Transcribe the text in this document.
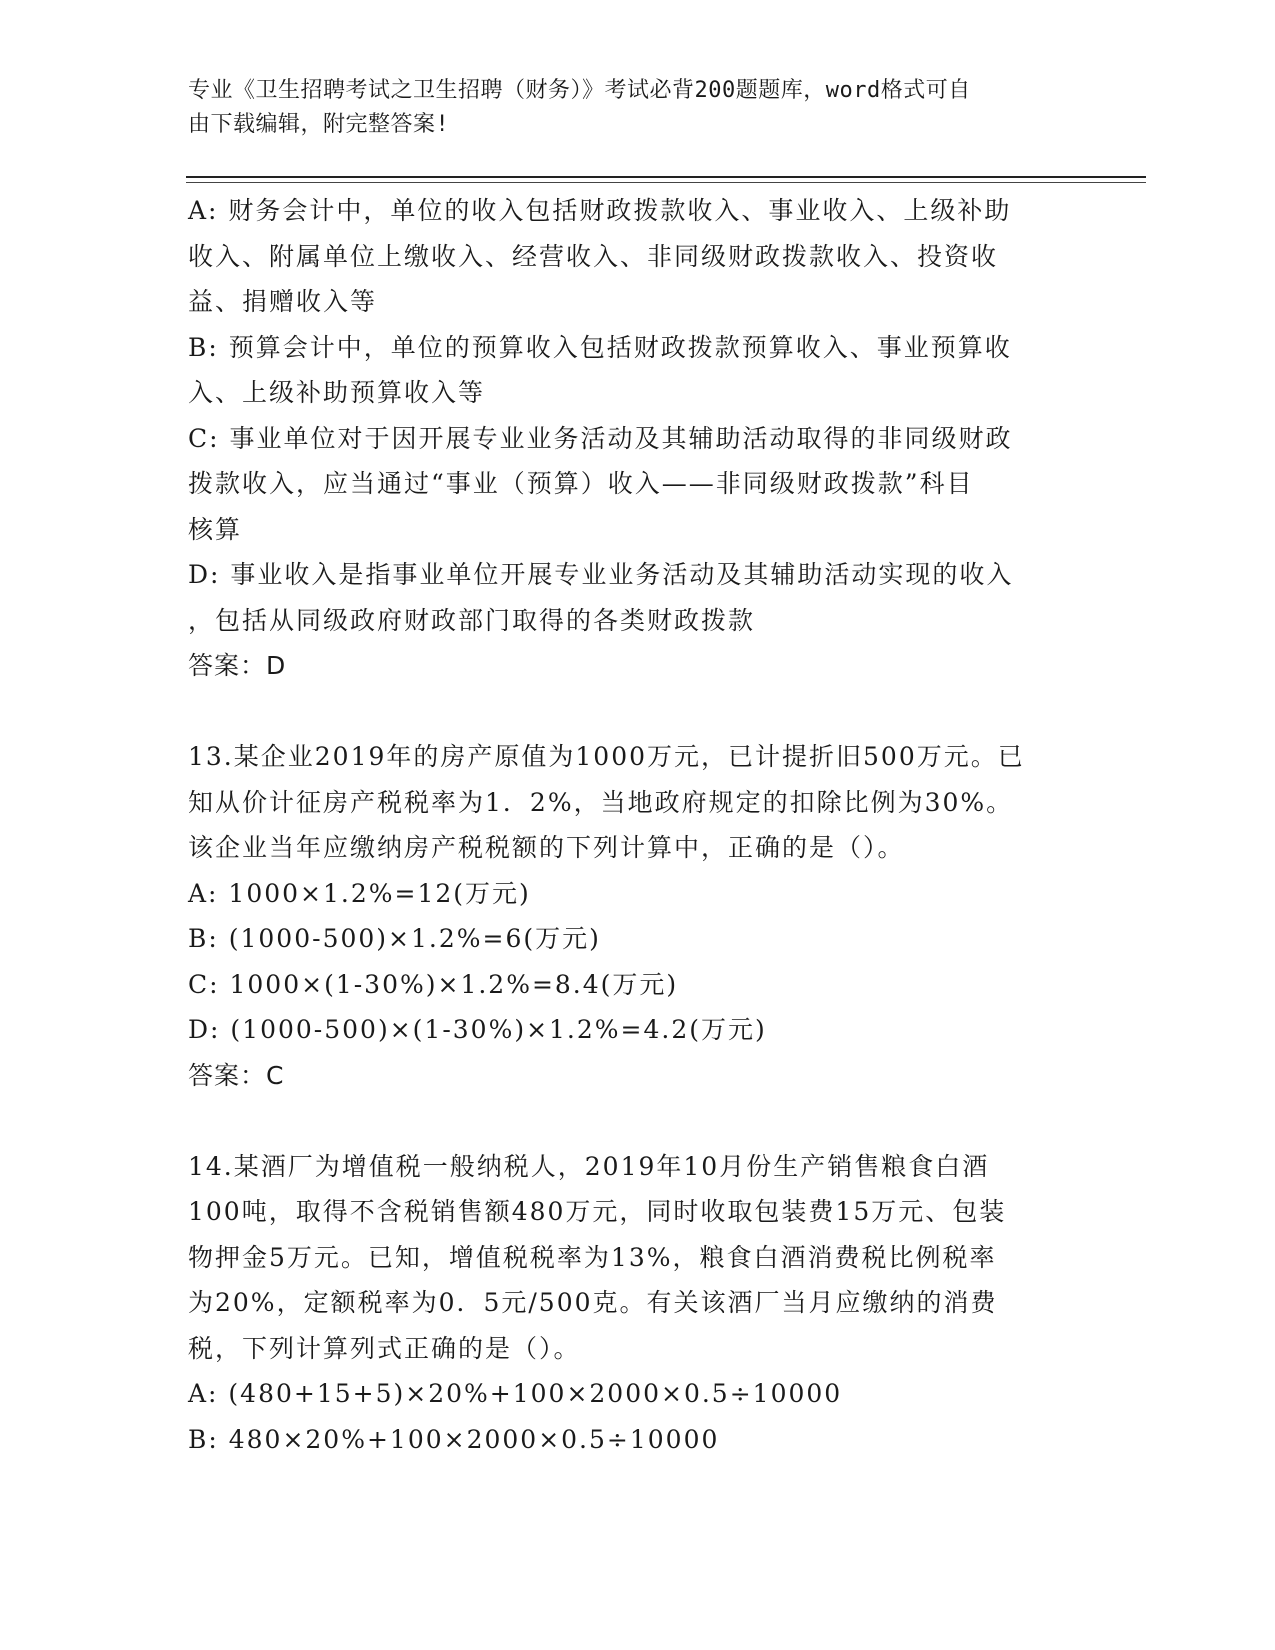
专业《卫生招聘考试之卫生招聘（财务）》考试必背200题题库，word格式可自

由下载编辑，附完整答案!

A: 财务会计中，单位的收入包括财政拨款收入、事业收入、上级补助

收入、附属单位上缴收入、经营收入、非同级财政拨款收入、投资收

益、捐赠收入等

B: 预算会计中，单位的预算收入包括财政拨款预算收入、事业预算收

入、上级补助预算收入等

C: 事业单位对于因开展专业业务活动及其辅助活动取得的非同级财政

拨款收入，应当通过“事业（预算）收入——非同级财政拨款”科目

核算

D: 事业收入是指事业单位开展专业业务活动及其辅助活动实现的收入

，包括从同级政府财政部门取得的各类财政拨款

答案：D

13.某企业2019年的房产原值为1000万元，已计提折旧500万元。已

知从价计征房产税税率为1．2%，当地政府规定的扣除比例为30%。

该企业当年应缴纳房产税税额的下列计算中，正确的是（）。

A: 1000×1.2%=12(万元)

B: (1000-500)×1.2%=6(万元)

C: 1000×(1-30%)×1.2%=8.4(万元)

D: (1000-500)×(1-30%)×1.2%=4.2(万元)

答案：C

14.某酒厂为增值税一般纳税人，2019年10月份生产销售粮食白酒

100吨，取得不含税销售额480万元，同时收取包装费15万元、包装

物押金5万元。已知，增值税税率为13%，粮食白酒消费税比例税率

为20%，定额税率为0．5元/500克。有关该酒厂当月应缴纳的消费

税，下列计算列式正确的是（）。

A: (480+15+5)×20%+100×2000×0.5÷10000

B: 480×20%+100×2000×0.5÷10000
